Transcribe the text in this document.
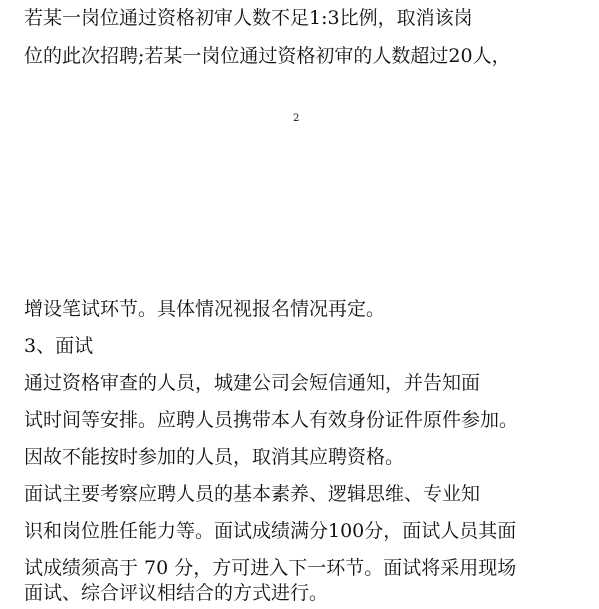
若某一岗位通过资格初审人数不足1:3比例，取消该岗

位的此次招聘;若某一岗位通过资格初审的人数超过20人，

2

增设笔试环节。具体情况视报名情况再定。

3、面试

通过资格审查的人员，城建公司会短信通知，并告知面

试时间等安排。应聘人员携带本人有效身份证件原件参加。

因故不能按时参加的人员，取消其应聘资格。

面试主要考察应聘人员的基本素养、逻辑思维、专业知

识和岗位胜任能力等。面试成绩满分100分，面试人员其面

试成绩须高于 70 分，方可进入下一环节。面试将采用现场

面试、综合评议相结合的方式进行。
